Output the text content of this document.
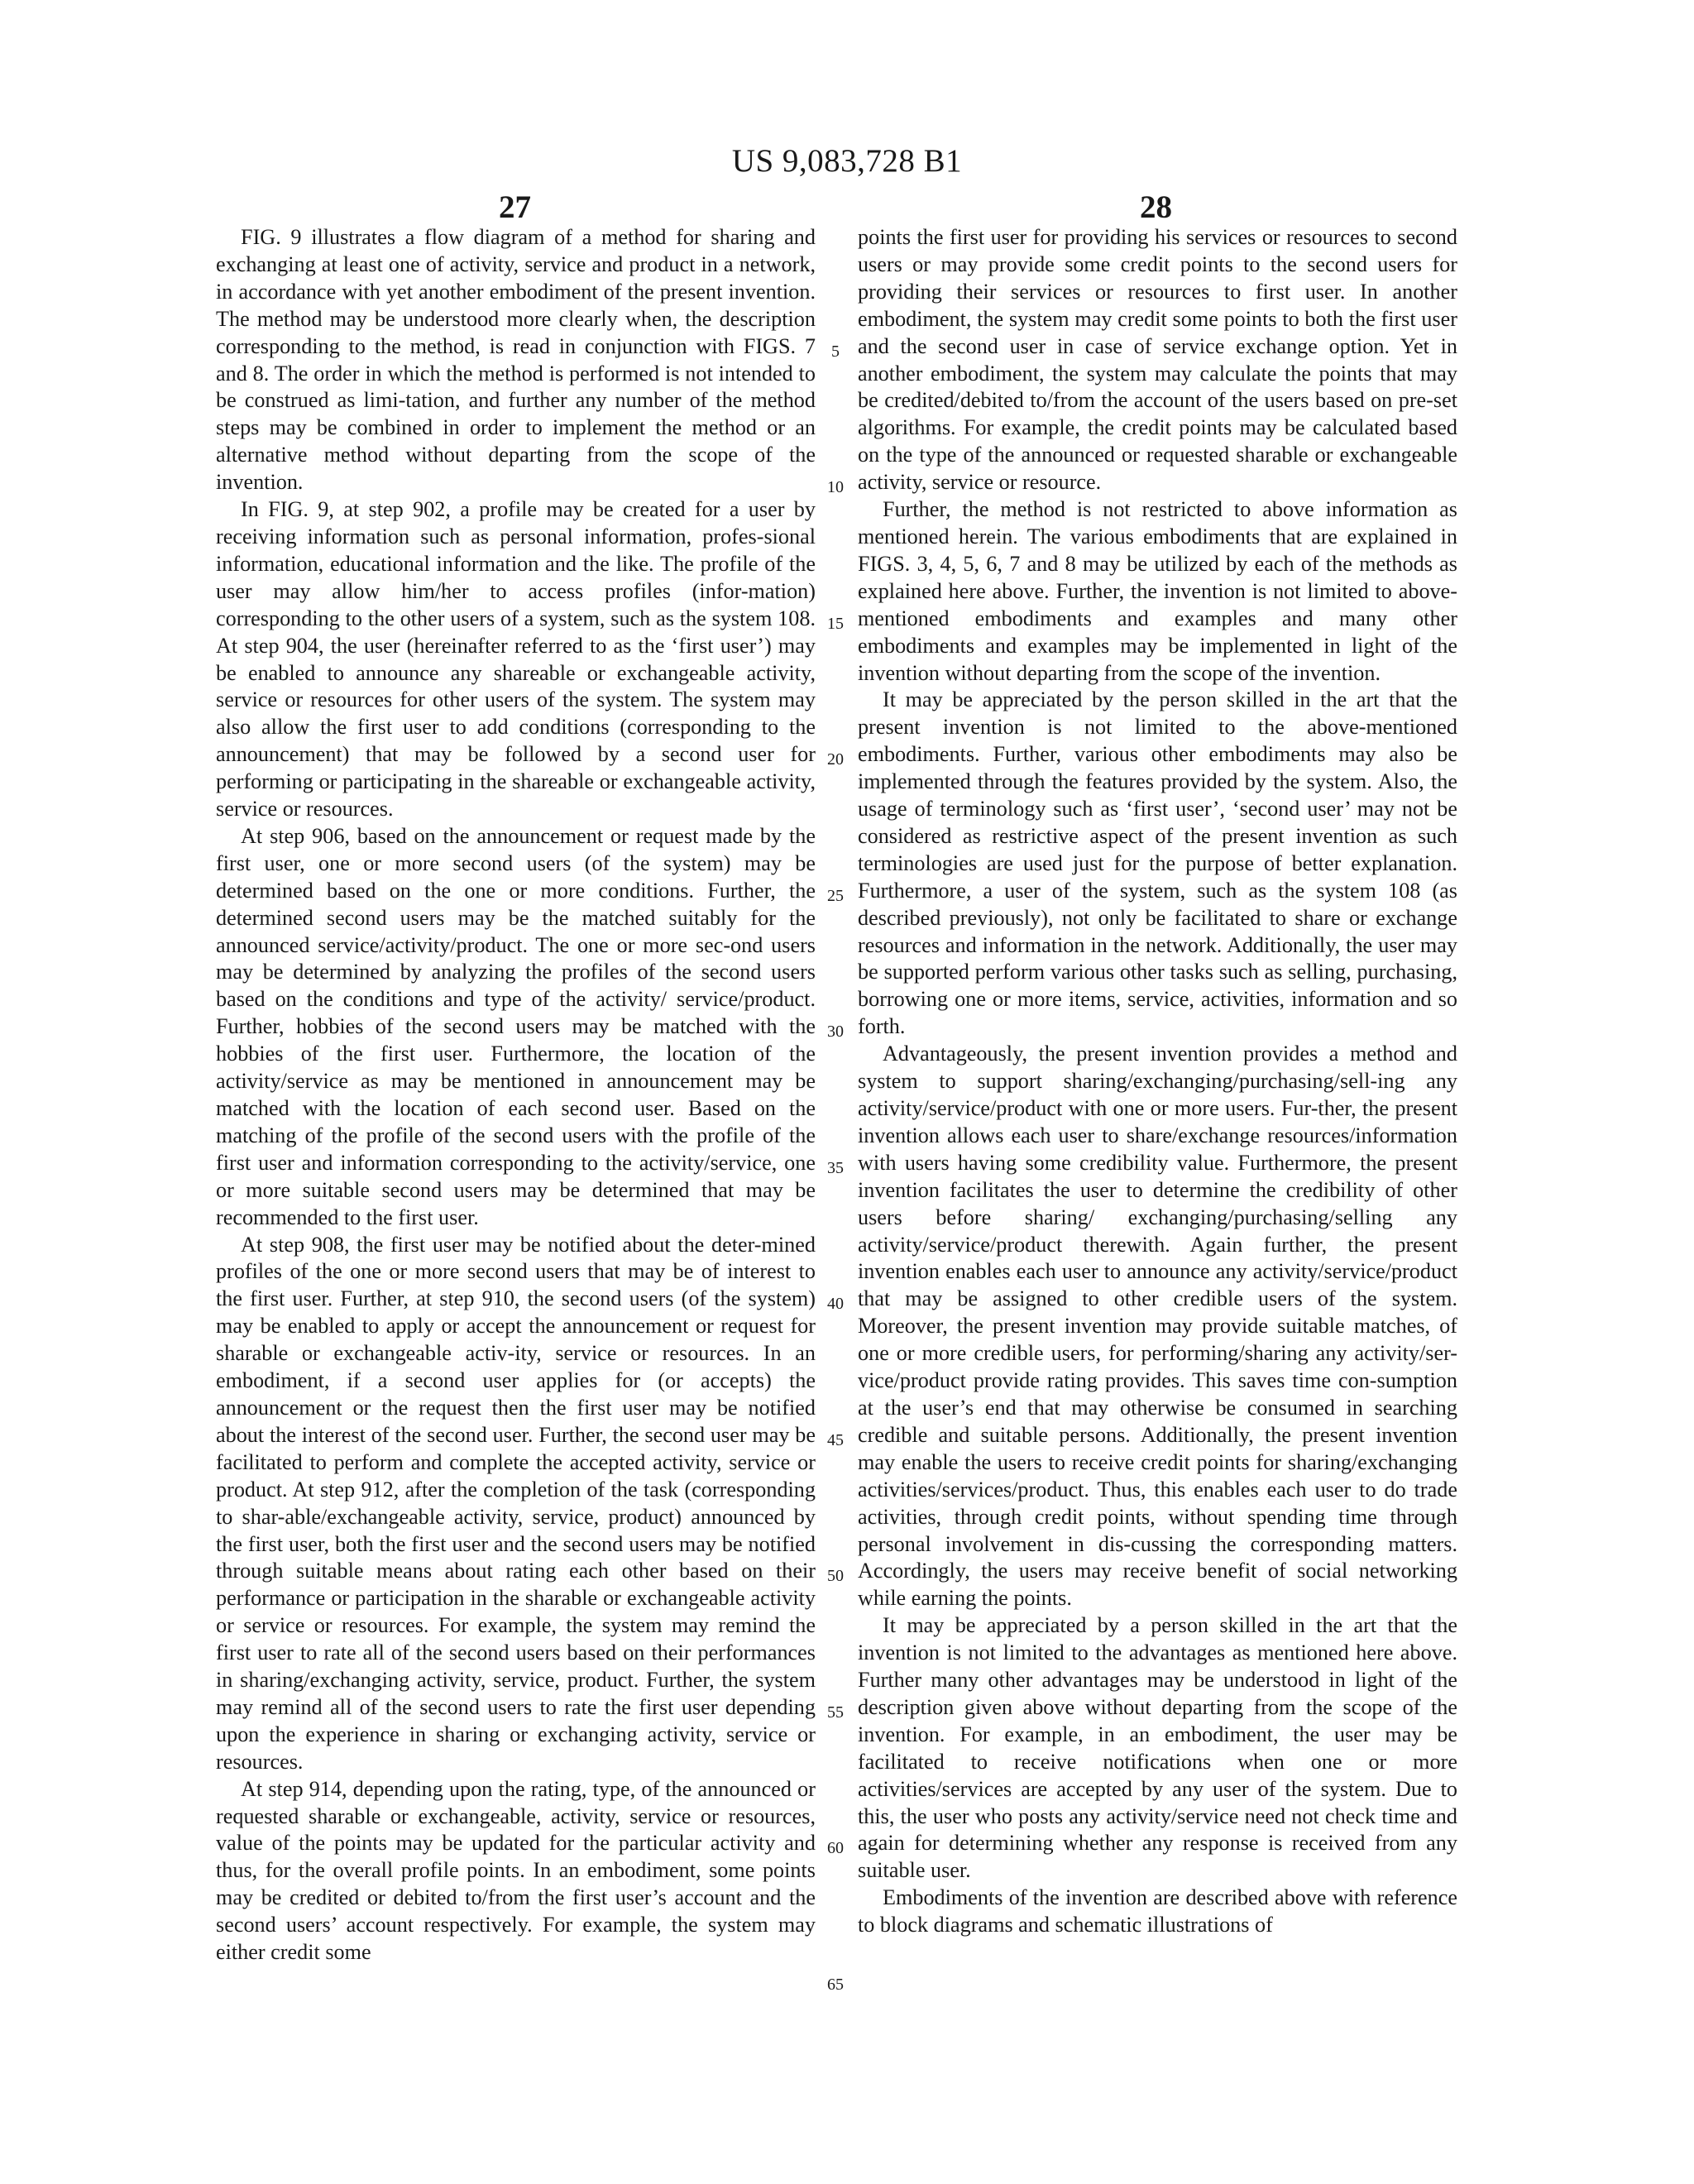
US 9,083,728 B1
27	28

FIG. 9 illustrates a flow diagram of a method for sharing and exchanging at least one of activity, service and product in a network, in accordance with yet another embodiment of the present invention. The method may be understood more clearly when, the description corresponding to the method, is read in conjunction with FIGS. 7 and 8. The order in which the method is performed is not intended to be construed as limi-tation, and further any number of the method steps may be combined in order to implement the method or an alternative method without departing from the scope of the invention.

In FIG. 9, at step 902, a profile may be created for a user by receiving information such as personal information, profes-sional information, educational information and the like. The profile of the user may allow him/her to access profiles (infor-mation) corresponding to the other users of a system, such as the system 108. At step 904, the user (hereinafter referred to as the ‘first user’) may be enabled to announce any shareable or exchangeable activity, service or resources for other users of the system. The system may also allow the first user to add conditions (corresponding to the announcement) that may be followed by a second user for performing or participating in the shareable or exchangeable activity, service or resources.

At step 906, based on the announcement or request made by the first user, one or more second users (of the system) may be determined based on the one or more conditions. Further, the determined second users may be the matched suitably for the announced service/activity/product. The one or more sec-ond users may be determined by analyzing the profiles of the second users based on the conditions and type of the activity/ service/product. Further, hobbies of the second users may be matched with the hobbies of the first user. Furthermore, the location of the activity/service as may be mentioned in announcement may be matched with the location of each second user. Based on the matching of the profile of the second users with the profile of the first user and information corresponding to the activity/service, one or more suitable second users may be determined that may be recommended to the first user.

At step 908, the first user may be notified about the deter-mined profiles of the one or more second users that may be of interest to the first user. Further, at step 910, the second users (of the system) may be enabled to apply or accept the announcement or request for sharable or exchangeable activ-ity, service or resources. In an embodiment, if a second user applies for (or accepts) the announcement or the request then the first user may be notified about the interest of the second user. Further, the second user may be facilitated to perform and complete the accepted activity, service or product. At step 912, after the completion of the task (corresponding to shar-able/exchangeable activity, service, product) announced by the first user, both the first user and the second users may be notified through suitable means about rating each other based on their performance or participation in the sharable or exchangeable activity or service or resources. For example, the system may remind the first user to rate all of the second users based on their performances in sharing/exchanging activity, service, product. Further, the system may remind all of the second users to rate the first user depending upon the experience in sharing or exchanging activity, service or resources.

At step 914, depending upon the rating, type, of the announced or requested sharable or exchangeable, activity, service or resources, value of the points may be updated for the particular activity and thus, for the overall profile points. In an embodiment, some points may be credited or debited to/from the first user’s account and the second users’ account respectively. For example, the system may either credit some

points the first user for providing his services or resources to second users or may provide some credit points to the second users for providing their services or resources to first user. In another embodiment, the system may credit some points to both the first user and the second user in case of service exchange option. Yet in another embodiment, the system may calculate the points that may be credited/debited to/from the account of the users based on pre-set algorithms. For example, the credit points may be calculated based on the type of the announced or requested sharable or exchangeable activity, service or resource.

Further, the method is not restricted to above information as mentioned herein. The various embodiments that are explained in FIGS. 3, 4, 5, 6, 7 and 8 may be utilized by each of the methods as explained here above. Further, the invention is not limited to above-mentioned embodiments and examples and many other embodiments and examples may be implemented in light of the invention without departing from the scope of the invention.

It may be appreciated by the person skilled in the art that the present invention is not limited to the above-mentioned embodiments. Further, various other embodiments may also be implemented through the features provided by the system. Also, the usage of terminology such as ‘first user’, ‘second user’ may not be considered as restrictive aspect of the present invention as such terminologies are used just for the purpose of better explanation. Furthermore, a user of the system, such as the system 108 (as described previously), not only be facilitated to share or exchange resources and information in the network. Additionally, the user may be supported perform various other tasks such as selling, purchasing, borrowing one or more items, service, activities, information and so forth.

Advantageously, the present invention provides a method and system to support sharing/exchanging/purchasing/sell-ing any activity/service/product with one or more users. Fur-ther, the present invention allows each user to share/exchange resources/information with users having some credibility value. Furthermore, the present invention facilitates the user to determine the credibility of other users before sharing/ exchanging/purchasing/selling any activity/service/product therewith. Again further, the present invention enables each user to announce any activity/service/product that may be assigned to other credible users of the system. Moreover, the present invention may provide suitable matches, of one or more credible users, for performing/sharing any activity/ser-vice/product provide rating provides. This saves time con-sumption at the user’s end that may otherwise be consumed in searching credible and suitable persons. Additionally, the present invention may enable the users to receive credit points for sharing/exchanging activities/services/product. Thus, this enables each user to do trade activities, through credit points, without spending time through personal involvement in dis-cussing the corresponding matters. Accordingly, the users may receive benefit of social networking while earning the points.

It may be appreciated by a person skilled in the art that the invention is not limited to the advantages as mentioned here above. Further many other advantages may be understood in light of the description given above without departing from the scope of the invention. For example, in an embodiment, the user may be facilitated to receive notifications when one or more activities/services are accepted by any user of the system. Due to this, the user who posts any activity/service need not check time and again for determining whether any response is received from any suitable user.

Embodiments of the invention are described above with reference to block diagrams and schematic illustrations of

5
10
15
20
25
30
35
40
45
50
55
60
65
